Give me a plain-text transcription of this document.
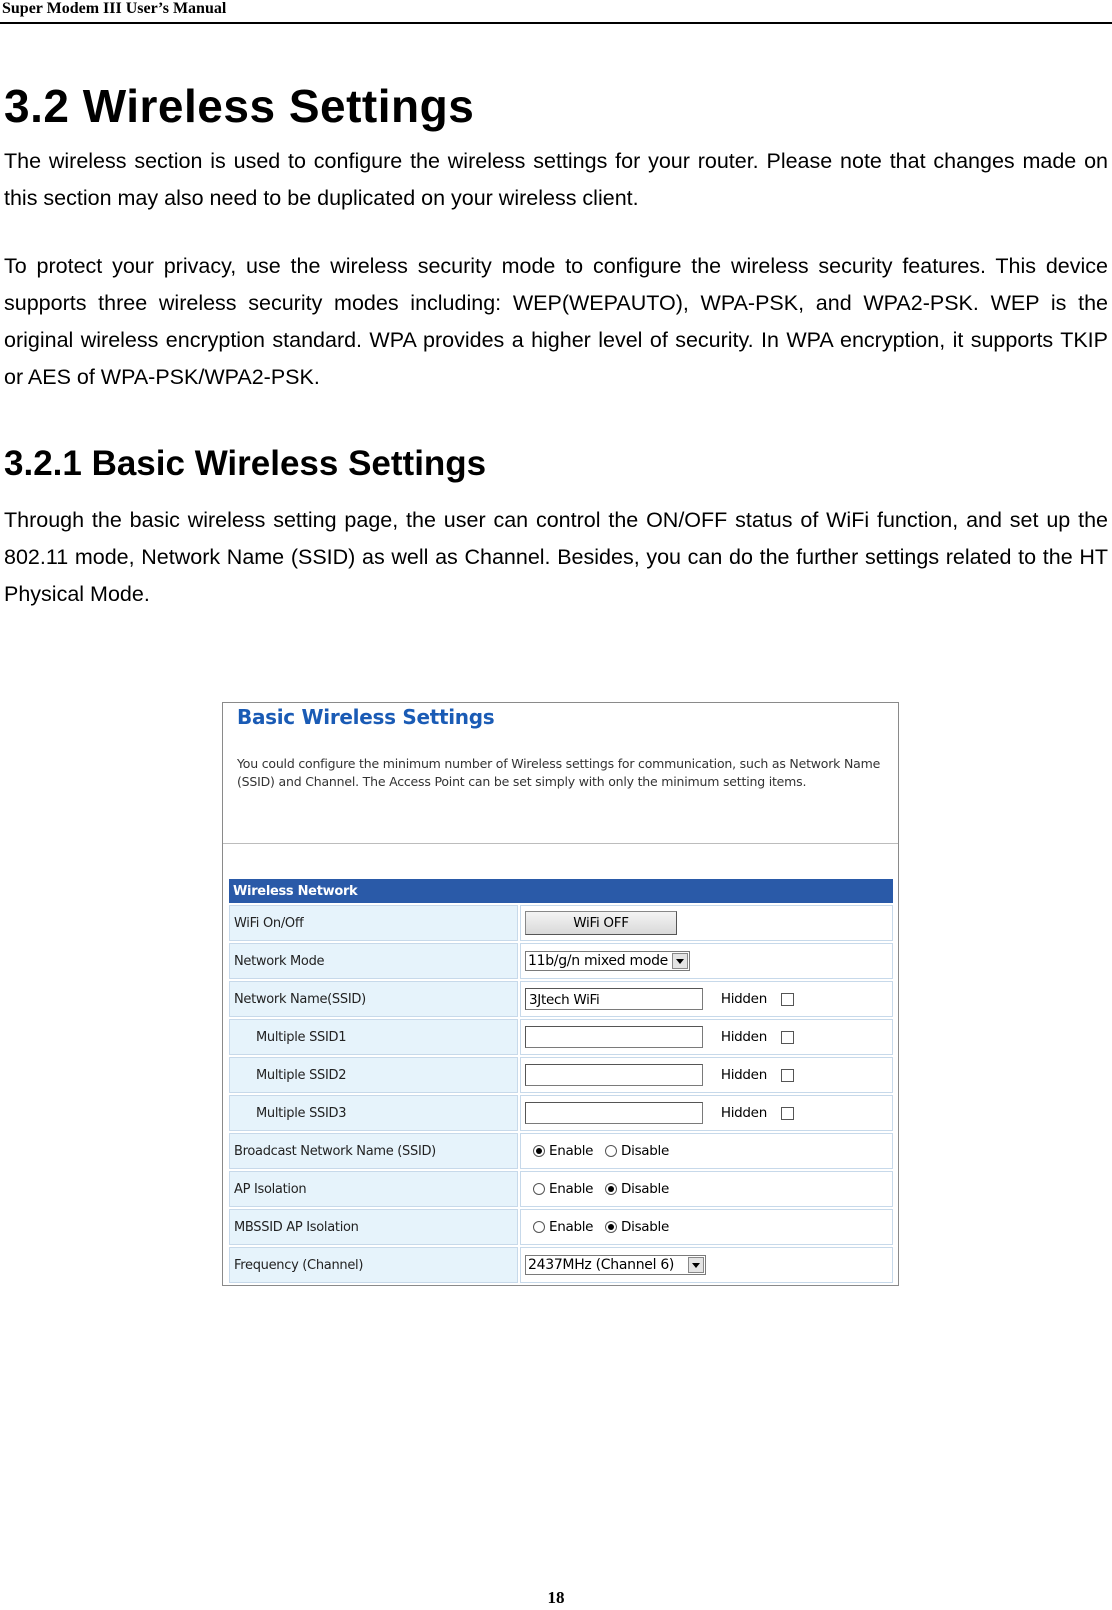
Super Modem III User’s Manual
3.2 Wireless Settings

The wireless section is used to configure the wireless settings for your router. Please note that changes made on this section may also need to be duplicated on your wireless client.

To protect your privacy, use the wireless security mode to configure the wireless security features. This device supports three wireless security modes including: WEP(WEPAUTO), WPA-PSK, and WPA2-PSK. WEP is the original wireless encryption standard. WPA provides a higher level of security. In WPA encryption, it supports TKIP or AES of WPA-PSK/WPA2-PSK.

3.2.1 Basic Wireless Settings

Through the basic wireless setting page, the user can control the ON/OFF status of WiFi function, and set up the 802.11 mode, Network Name (SSID) as well as Channel. Besides, you can do the further settings related to the HT Physical Mode.

Basic Wireless Settings
You could configure the minimum number of Wireless settings for communication, such as Network Name (SSID) and Channel. The Access Point can be set simply with only the minimum setting items.
Wireless Network	
WiFi On/Off	WiFi OFF
Network Mode	11b/g/n mixed mode

Network Name(SSID)	3Jtech WiFi Hidden
Multiple SSID1	Hidden
Multiple SSID2	Hidden
Multiple SSID3	Hidden
Broadcast Network Name (SSID)	Enable Disable
AP Isolation	Enable Disable
MBSSID AP Isolation	Enable Disable
Frequency (Channel)	2437MHz (Channel 6)
18
